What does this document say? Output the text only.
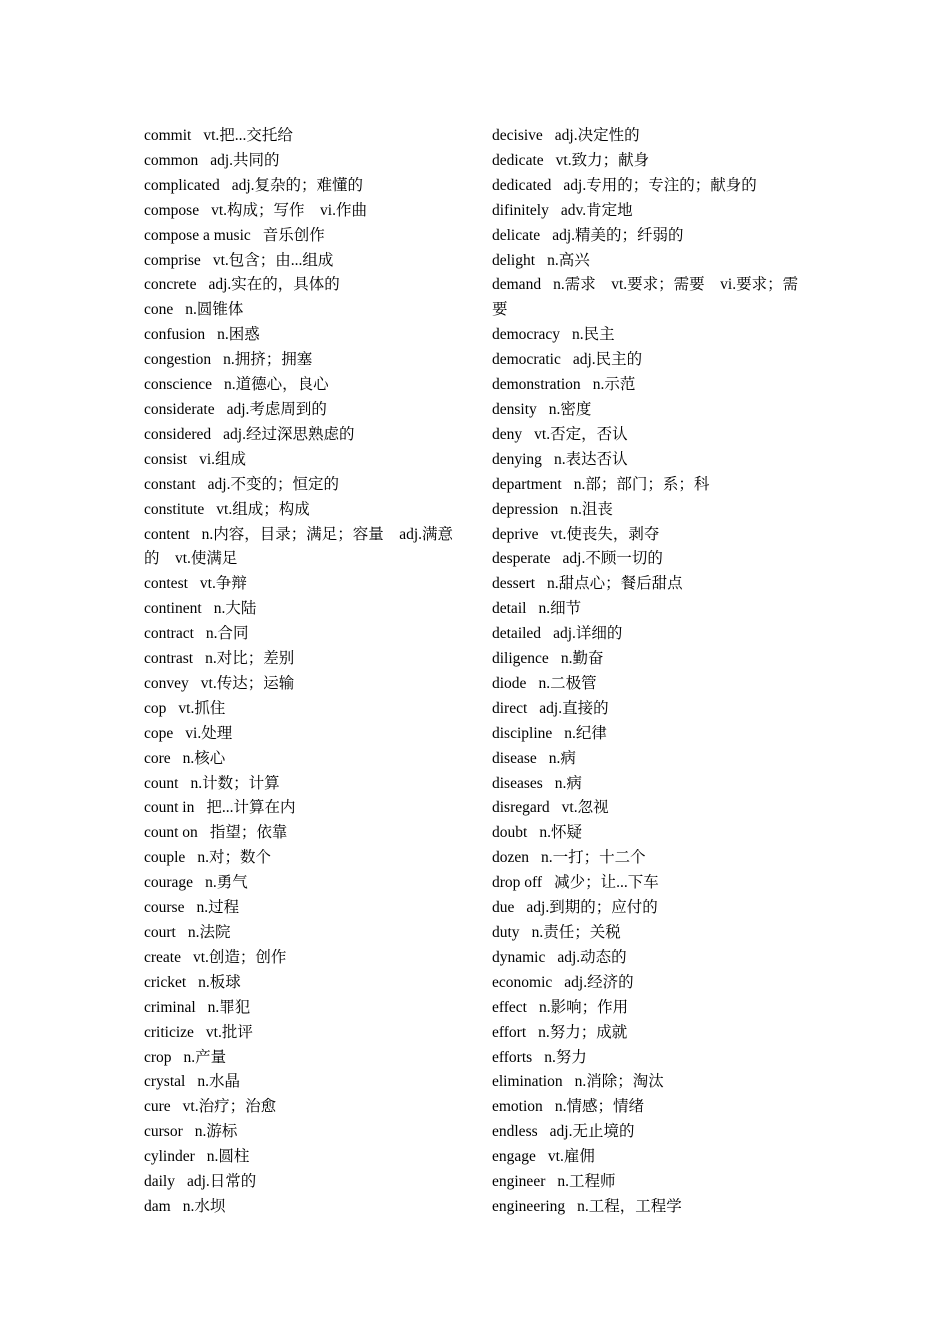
commit vt.把...交托给
common adj.共同的
complicated adj.复杂的；难懂的
compose vt.构成；写作　vi.作曲
compose a music 音乐创作
comprise vt.包含；由...组成
concrete adj.实在的，具体的
cone n.圆锥体
confusion n.困惑
congestion n.拥挤；拥塞
conscience n.道德心，良心
considerate adj.考虑周到的
considered adj.经过深思熟虑的
consist vi.组成
constant adj.不变的；恒定的
constitute vt.组成；构成
content n.内容，目录；满足；容量　adj.满意的　vt.使满足
contest vt.争辩
continent n.大陆
contract n.合同
contrast n.对比；差别
convey vt.传达；运输
cop vt.抓住
cope vi.处理
core n.核心
count n.计数；计算
count in 把...计算在内
count on 指望；依靠
couple n.对；数个
courage n.勇气
course n.过程
court n.法院
create vt.创造；创作
cricket n.板球
criminal n.罪犯
criticize vt.批评
crop n.产量
crystal n.水晶
cure vt.治疗；治愈
cursor n.游标
cylinder n.圆柱
daily adj.日常的
dam n.水坝
decisive adj.决定性的
dedicate vt.致力；献身
dedicated adj.专用的；专注的；献身的
difinitely adv.肯定地
delicate adj.精美的；纤弱的
delight n.高兴
demand n.需求　vt.要求；需要　vi.要求；需要
democracy n.民主
democratic adj.民主的
demonstration n.示范
density n.密度
deny vt.否定，否认
denying n.表达否认
department n.部；部门；系；科
depression n.沮丧
deprive vt.使丧失，剥夺
desperate adj.不顾一切的
dessert n.甜点心；餐后甜点
detail n.细节
detailed adj.详细的
diligence n.勤奋
diode n.二极管
direct adj.直接的
discipline n.纪律
disease n.病
diseases n.病
disregard vt.忽视
doubt n.怀疑
dozen n.一打；十二个
drop off 减少；让...下车
due adj.到期的；应付的
duty n.责任；关税
dynamic adj.动态的
economic adj.经济的
effect n.影响；作用
effort n.努力；成就
efforts n.努力
elimination n.消除；淘汰
emotion n.情感；情绪
endless adj.无止境的
engage vt.雇佣
engineer n.工程师
engineering n.工程，工程学
